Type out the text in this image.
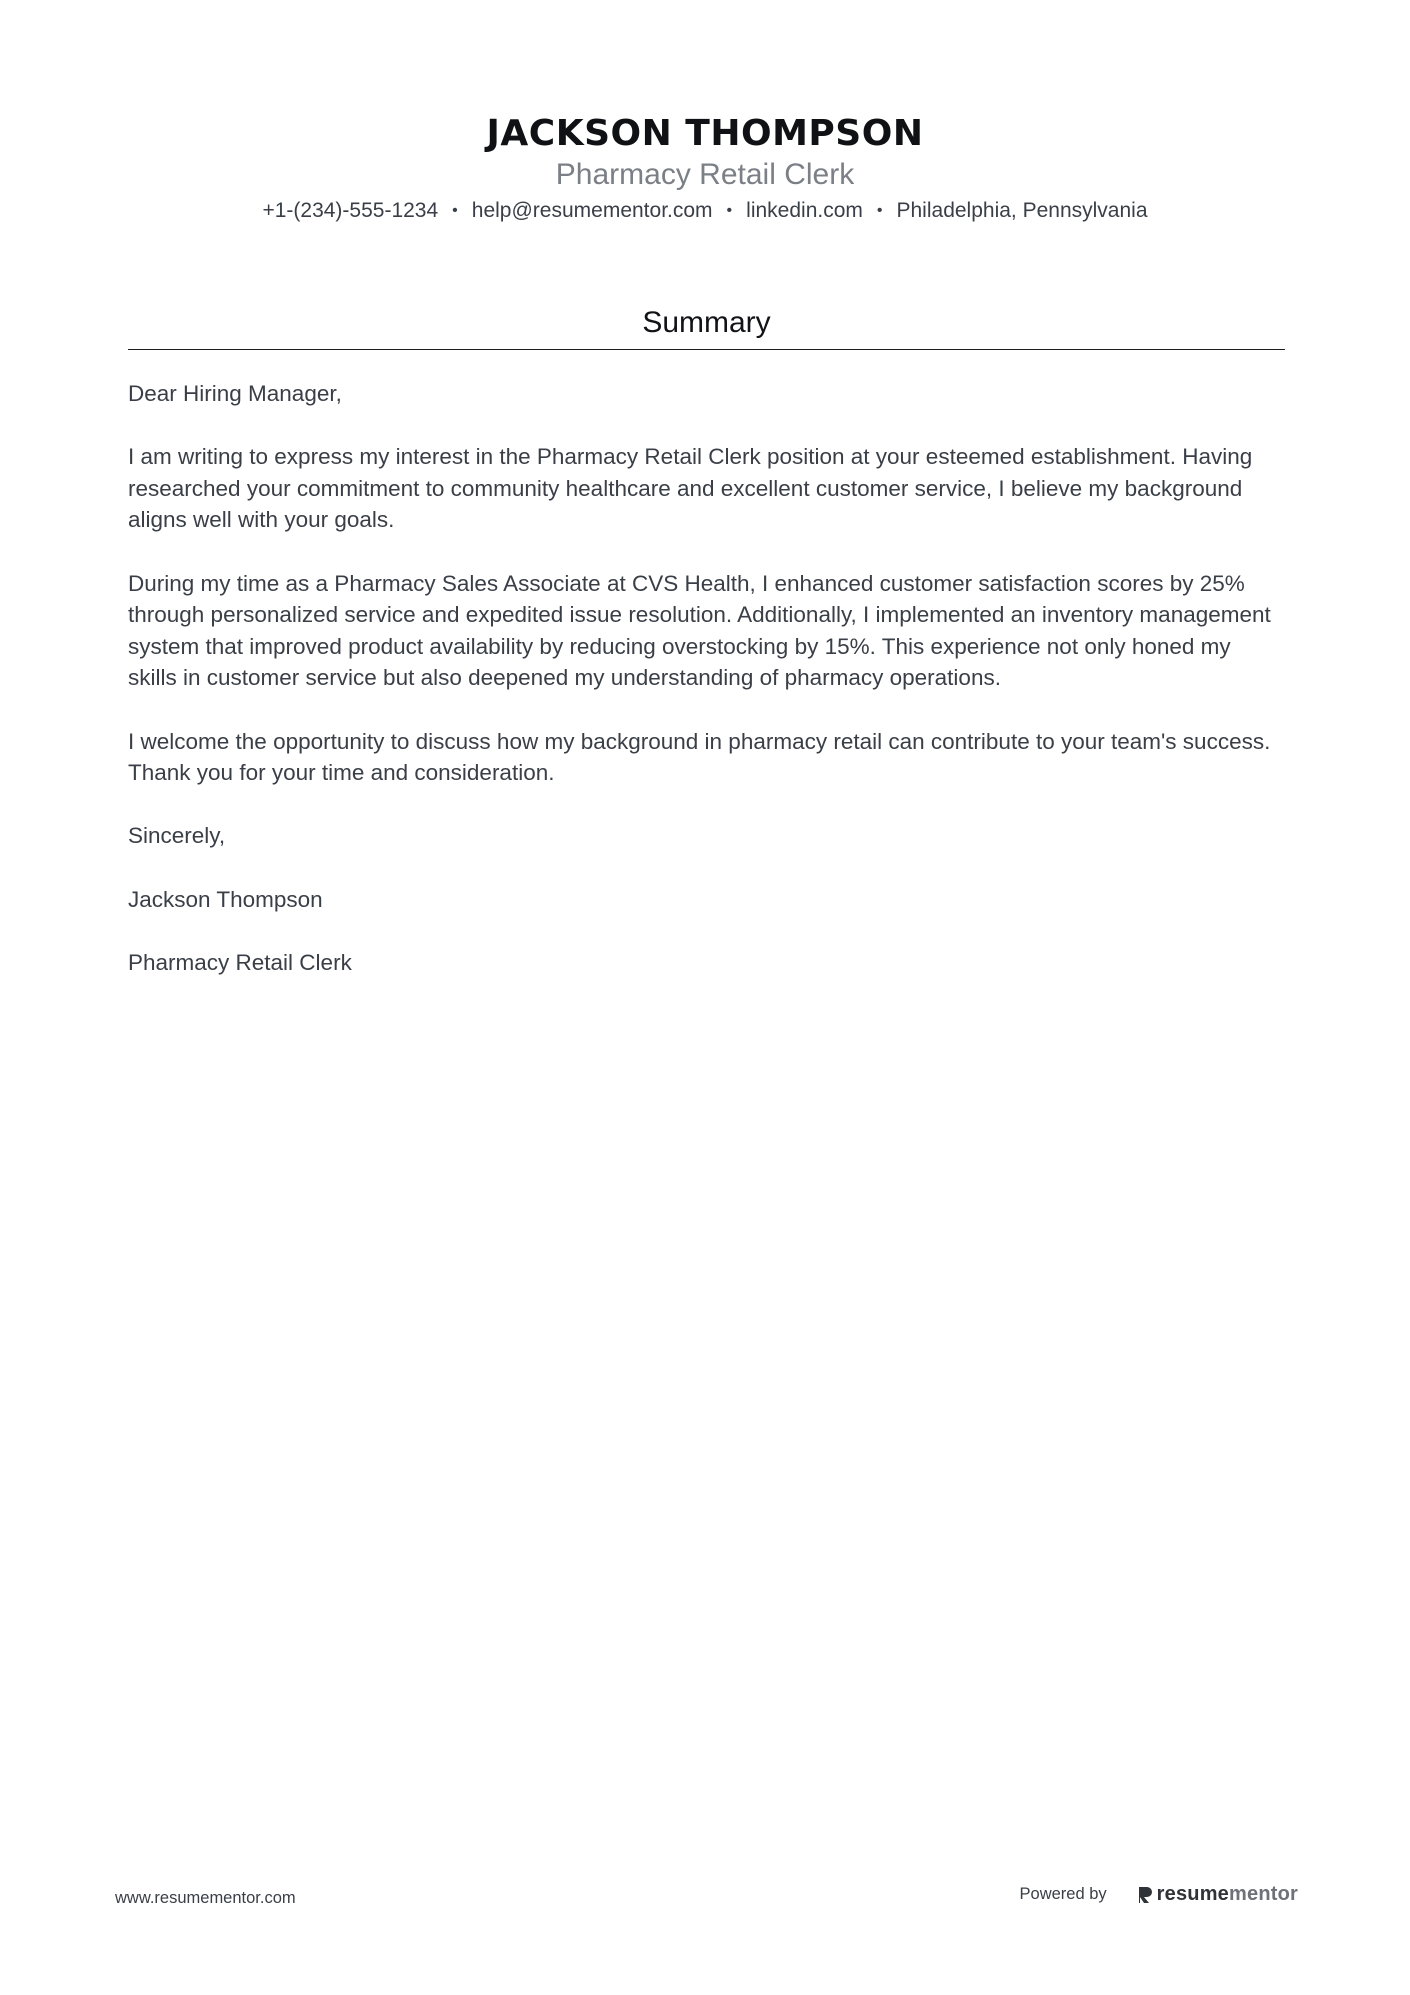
JACKSON THOMPSON
Pharmacy Retail Clerk
+1-(234)-555-1234 • help@resumementor.com • linkedin.com • Philadelphia, Pennsylvania
Summary

Dear Hiring Manager,

I am writing to express my interest in the Pharmacy Retail Clerk position at your esteemed establishment. Having researched your commitment to community healthcare and excellent customer service, I believe my background aligns well with your goals.

During my time as a Pharmacy Sales Associate at CVS Health, I enhanced customer satisfaction scores by 25% through personalized service and expedited issue resolution. Additionally, I implemented an inventory management system that improved product availability by reducing overstocking by 15%. This experience not only honed my skills in customer service but also deepened my understanding of pharmacy operations.

I welcome the opportunity to discuss how my background in pharmacy retail can contribute to your team's success. Thank you for your time and consideration.

Sincerely,

Jackson Thompson

Pharmacy Retail Clerk

www.resumementor.com	Powered by	resume mentor
